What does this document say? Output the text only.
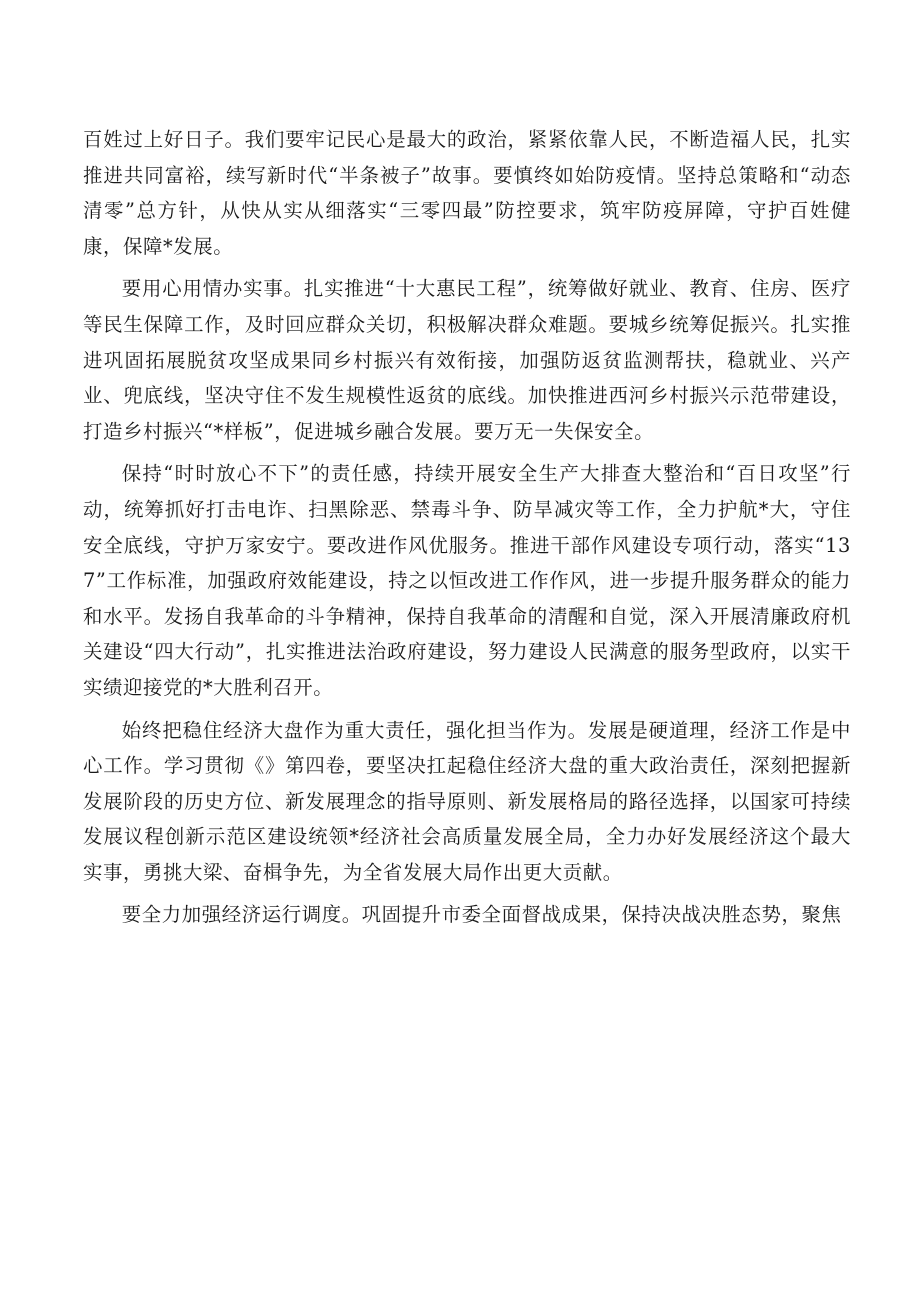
百姓过上好日子。我们要牢记民心是最大的政治，紧紧依靠人民，不断造福人民，扎实推进共同富裕，续写新时代“半条被子”故事。要慎终如始防疫情。坚持总策略和“动态清零”总方针，从快从实从细落实“三零四最”防控要求，筑牢防疫屏障，守护百姓健康，保障*发展。

要用心用情办实事。扎实推进“十大惠民工程”，统筹做好就业、教育、住房、医疗等民生保障工作，及时回应群众关切，积极解决群众难题。要城乡统筹促振兴。扎实推进巩固拓展脱贫攻坚成果同乡村振兴有效衔接，加强防返贫监测帮扶，稳就业、兴产业、兜底线，坚决守住不发生规模性返贫的底线。加快推进西河乡村振兴示范带建设，打造乡村振兴“*样板”，促进城乡融合发展。要万无一失保安全。

保持“时时放心不下”的责任感，持续开展安全生产大排查大整治和“百日攻坚”行动，统筹抓好打击电诈、扫黑除恶、禁毒斗争、防旱减灾等工作，全力护航*大，守住安全底线，守护万家安宁。要改进作风优服务。推进干部作风建设专项行动，落实“137”工作标准，加强政府效能建设，持之以恒改进工作作风，进一步提升服务群众的能力和水平。发扬自我革命的斗争精神，保持自我革命的清醒和自觉，深入开展清廉政府机关建设“四大行动”，扎实推进法治政府建设，努力建设人民满意的服务型政府，以实干实绩迎接党的*大胜利召开。

始终把稳住经济大盘作为重大责任，强化担当作为。发展是硬道理，经济工作是中心工作。学习贯彻《》第四卷，要坚决扛起稳住经济大盘的重大政治责任，深刻把握新发展阶段的历史方位、新发展理念的指导原则、新发展格局的路径选择，以国家可持续发展议程创新示范区建设统领*经济社会高质量发展全局，全力办好发展经济这个最大实事，勇挑大梁、奋楫争先，为全省发展大局作出更大贡献。

要全力加强经济运行调度。巩固提升市委全面督战成果，保持决战决胜态势，聚焦
